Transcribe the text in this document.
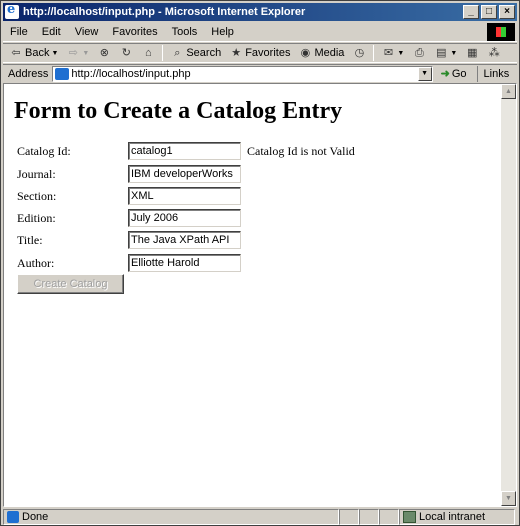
e
http://localhost/input.php - Microsoft Internet Explorer	_	□	×
File	Edit	View	Favorites	Tools	Help
⇦ Back ▼ ⇨ ▼ ⊗ ↻	⌂	⌕ Search ★ Favorites ◉ Media ◷ ✉ ▼ ⎙ ▤ ▼ ▦ ⁂
Address	http://localhost/input.php	▼	➜ Go	Links
Form to Create a Catalog Entry
Catalog Id:
catalog1	Catalog Id is not Valid
Journal:
IBM developerWorks
Section:
XML
Edition:
July 2006
Title:
The Java XPath API
Author:
Elliotte Harold
Create Catalog
▲
▼
Done	Local intranet
